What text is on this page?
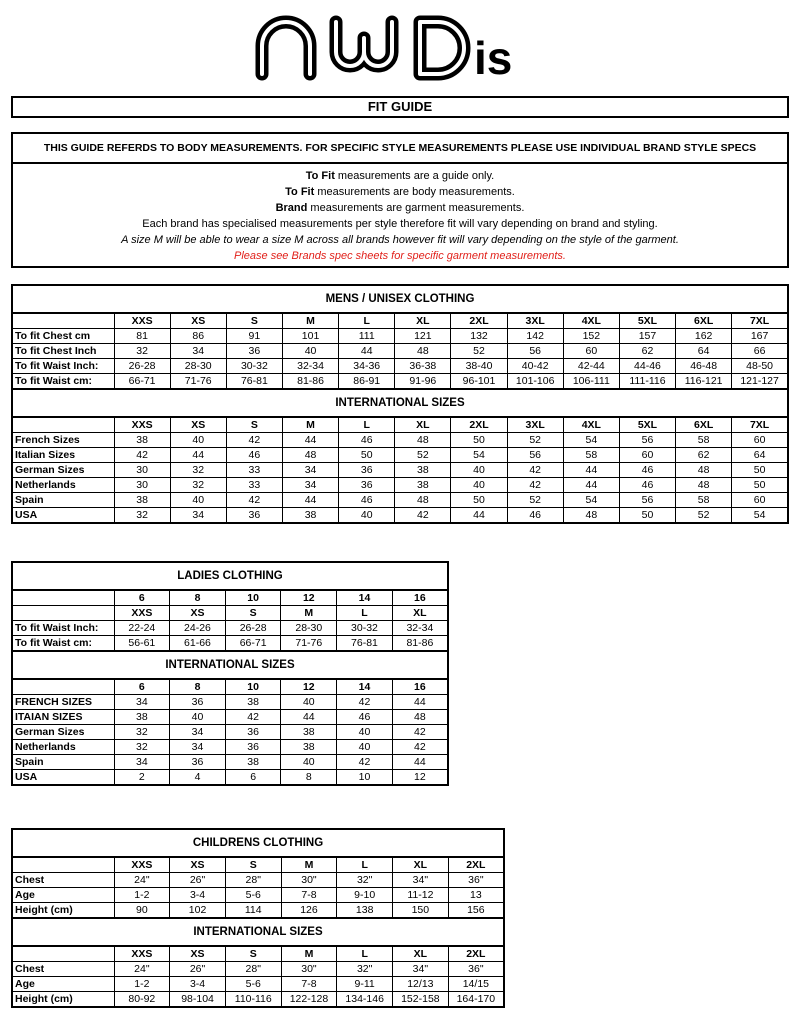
is
FIT GUIDE
THIS GUIDE REFERDS TO BODY MEASUREMENTS. FOR SPECIFIC STYLE MEASUREMENTS PLEASE USE INDIVIDUAL BRAND STYLE SPECS
To Fit measurements are a guide only.
To Fit measurements are body measurements.
Brand measurements are garment measurements.
Each brand has specialised measurements per style therefore fit will vary depending on brand and styling.
A size M will be able to wear a size M across all brands however fit will vary depending on the style of the garment.
Please see Brands spec sheets for specific garment measurements.
MENS / UNISEX CLOTHING												
	XXS	XS	S	M	L	XL	2XL	3XL	4XL	5XL	6XL	7XL
To fit Chest cm	81	86	91	101	111	121	132	142	152	157	162	167
To fit Chest Inch	32	34	36	40	44	48	52	56	60	62	64	66
To fit Waist Inch:	26-28	28-30	30-32	32-34	34-36	36-38	38-40	40-42	42-44	44-46	46-48	48-50
To fit Waist cm:	66-71	71-76	76-81	81-86	86-91	91-96	96-101	101-106	106-111	111-116	116-121	121-127
INTERNATIONAL SIZES												
	XXS	XS	S	M	L	XL	2XL	3XL	4XL	5XL	6XL	7XL
French Sizes	38	40	42	44	46	48	50	52	54	56	58	60
Italian Sizes	42	44	46	48	50	52	54	56	58	60	62	64
German Sizes	30	32	33	34	36	38	40	42	44	46	48	50
Netherlands	30	32	33	34	36	38	40	42	44	46	48	50
Spain	38	40	42	44	46	48	50	52	54	56	58	60
USA	32	34	36	38	40	42	44	46	48	50	52	54
LADIES CLOTHING						
	6	8	10	12	14	16
	XXS	XS	S	M	L	XL
To fit Waist Inch:	22-24	24-26	26-28	28-30	30-32	32-34
To fit Waist cm:	56-61	61-66	66-71	71-76	76-81	81-86
INTERNATIONAL SIZES						
	6	8	10	12	14	16
FRENCH SIZES	34	36	38	40	42	44
ITAIAN SIZES	38	40	42	44	46	48
German Sizes	32	34	36	38	40	42
Netherlands	32	34	36	38	40	42
Spain	34	36	38	40	42	44
USA	2	4	6	8	10	12
CHILDRENS CLOTHING							
	XXS	XS	S	M	L	XL	2XL
Chest	24"	26"	28"	30"	32"	34"	36"
Age	1-2	3-4	5-6	7-8	9-10	11-12	13
Height (cm)	90	102	114	126	138	150	156
INTERNATIONAL SIZES							
	XXS	XS	S	M	L	XL	2XL
Chest	24"	26"	28"	30"	32"	34"	36"
Age	1-2	3-4	5-6	7-8	9-11	12/13	14/15
Height (cm)	80-92	98-104	110-116	122-128	134-146	152-158	164-170
